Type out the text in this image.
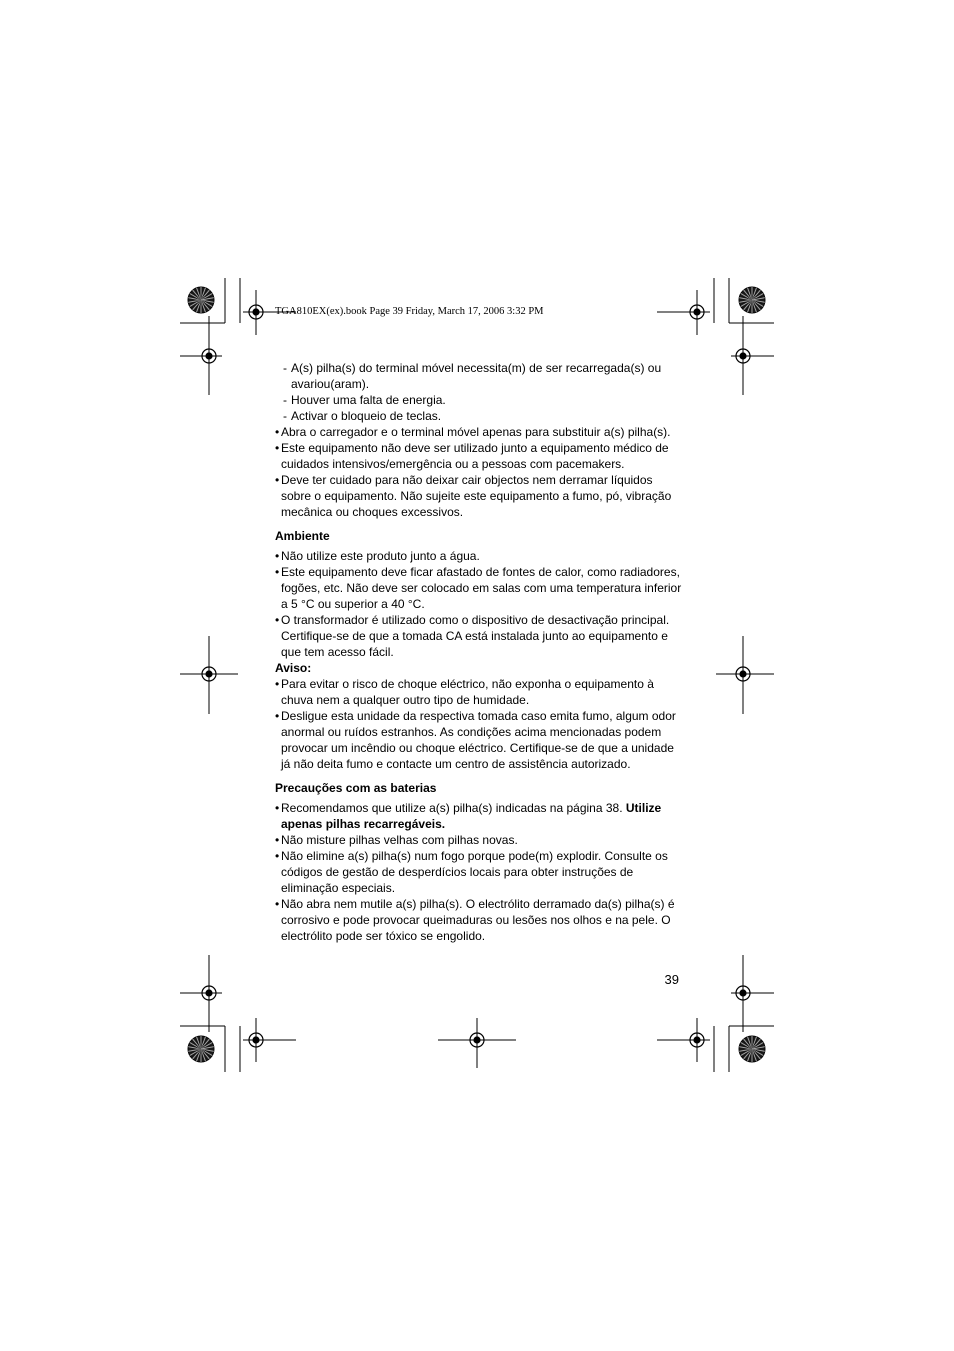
TGA810EX(ex).book Page 39 Friday, March 17, 2006 3:32 PM

- A(s) pilha(s) do terminal móvel necessita(m) de ser recarregada(s) ou avariou(aram).

- Houver uma falta de energia.

- Activar o bloqueio de teclas.

• Abra o carregador e o terminal móvel apenas para substituir a(s) pilha(s).

• Este equipamento não deve ser utilizado junto a equipamento médico de cuidados intensivos/emergência ou a pessoas com pacemakers.

• Deve ter cuidado para não deixar cair objectos nem derramar líquidos sobre o equipamento. Não sujeite este equipamento a fumo, pó, vibração mecânica ou choques excessivos.

Ambiente

• Não utilize este produto junto a água.

• Este equipamento deve ficar afastado de fontes de calor, como radiadores, fogões, etc. Não deve ser colocado em salas com uma temperatura inferior a 5 °C ou superior a 40 °C.

• O transformador é utilizado como o dispositivo de desactivação principal. Certifique-se de que a tomada CA está instalada junto ao equipamento e que tem acesso fácil.

Aviso:

• Para evitar o risco de choque eléctrico, não exponha o equipamento à chuva nem a qualquer outro tipo de humidade.

• Desligue esta unidade da respectiva tomada caso emita fumo, algum odor anormal ou ruídos estranhos. As condições acima mencionadas podem provocar um incêndio ou choque eléctrico. Certifique-se de que a unidade já não deita fumo e contacte um centro de assistência autorizado.

Precauções com as baterias

• Recomendamos que utilize a(s) pilha(s) indicadas na página 38. Utilize apenas pilhas recarregáveis.

• Não misture pilhas velhas com pilhas novas.

• Não elimine a(s) pilha(s) num fogo porque pode(m) explodir. Consulte os códigos de gestão de desperdícios locais para obter instruções de eliminação especiais.

• Não abra nem mutile a(s) pilha(s). O electrólito derramado da(s) pilha(s) é corrosivo e pode provocar queimaduras ou lesões nos olhos e na pele. O electrólito pode ser tóxico se engolido.

39
